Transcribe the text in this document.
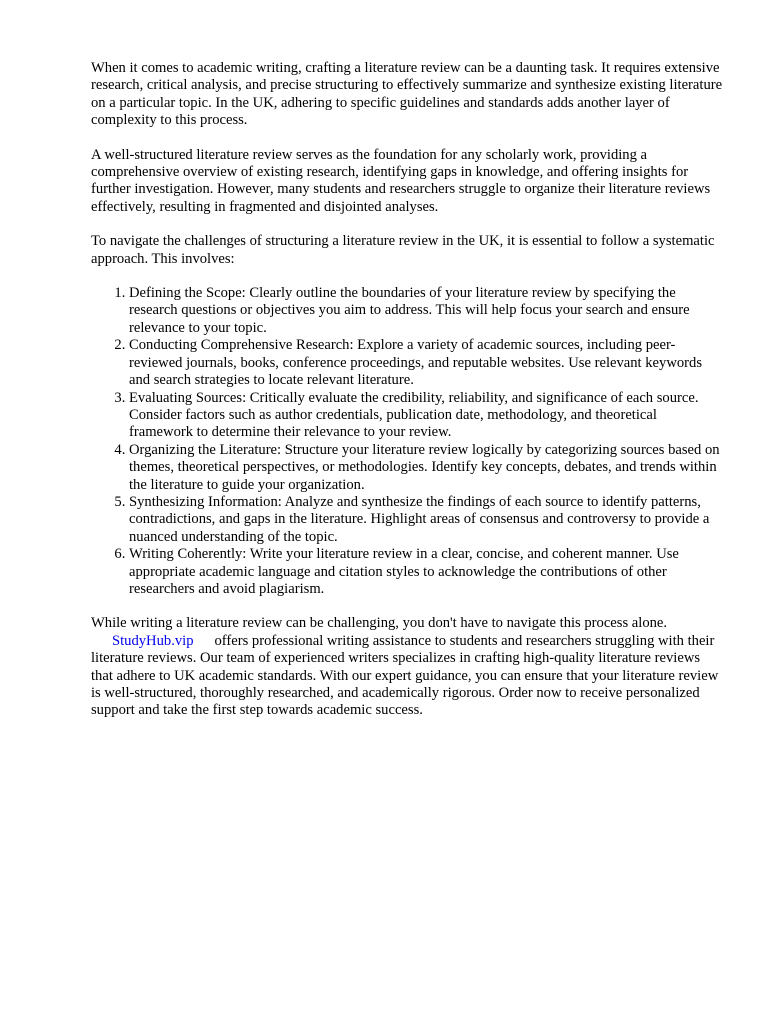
When it comes to academic writing, crafting a literature review can be a daunting task. It requires extensive research, critical analysis, and precise structuring to effectively summarize and synthesize existing literature on a particular topic. In the UK, adhering to specific guidelines and standards adds another layer of complexity to this process.

A well-structured literature review serves as the foundation for any scholarly work, providing a comprehensive overview of existing research, identifying gaps in knowledge, and offering insights for further investigation. However, many students and researchers struggle to organize their literature reviews effectively, resulting in fragmented and disjointed analyses.

To navigate the challenges of structuring a literature review in the UK, it is essential to follow a systematic approach. This involves:

1. Defining the Scope: Clearly outline the boundaries of your literature review by specifying the research questions or objectives you aim to address. This will help focus your search and ensure relevance to your topic.
2. Conducting Comprehensive Research: Explore a variety of academic sources, including peer-reviewed journals, books, conference proceedings, and reputable websites. Use relevant keywords and search strategies to locate relevant literature.
3. Evaluating Sources: Critically evaluate the credibility, reliability, and significance of each source. Consider factors such as author credentials, publication date, methodology, and theoretical framework to determine their relevance to your review.
4. Organizing the Literature: Structure your literature review logically by categorizing sources based on themes, theoretical perspectives, or methodologies. Identify key concepts, debates, and trends within the literature to guide your organization.
5. Synthesizing Information: Analyze and synthesize the findings of each source to identify patterns, contradictions, and gaps in the literature. Highlight areas of consensus and controversy to provide a nuanced understanding of the topic.
6. Writing Coherently: Write your literature review in a clear, concise, and coherent manner. Use appropriate academic language and citation styles to acknowledge the contributions of other researchers and avoid plagiarism.

While writing a literature review can be challenging, you don't have to navigate this process alone.
StudyHub.vip offers professional writing assistance to students and researchers struggling with their literature reviews. Our team of experienced writers specializes in crafting high-quality literature reviews that adhere to UK academic standards. With our expert guidance, you can ensure that your literature review is well-structured, thoroughly researched, and academically rigorous. Order now to receive personalized support and take the first step towards academic success.
